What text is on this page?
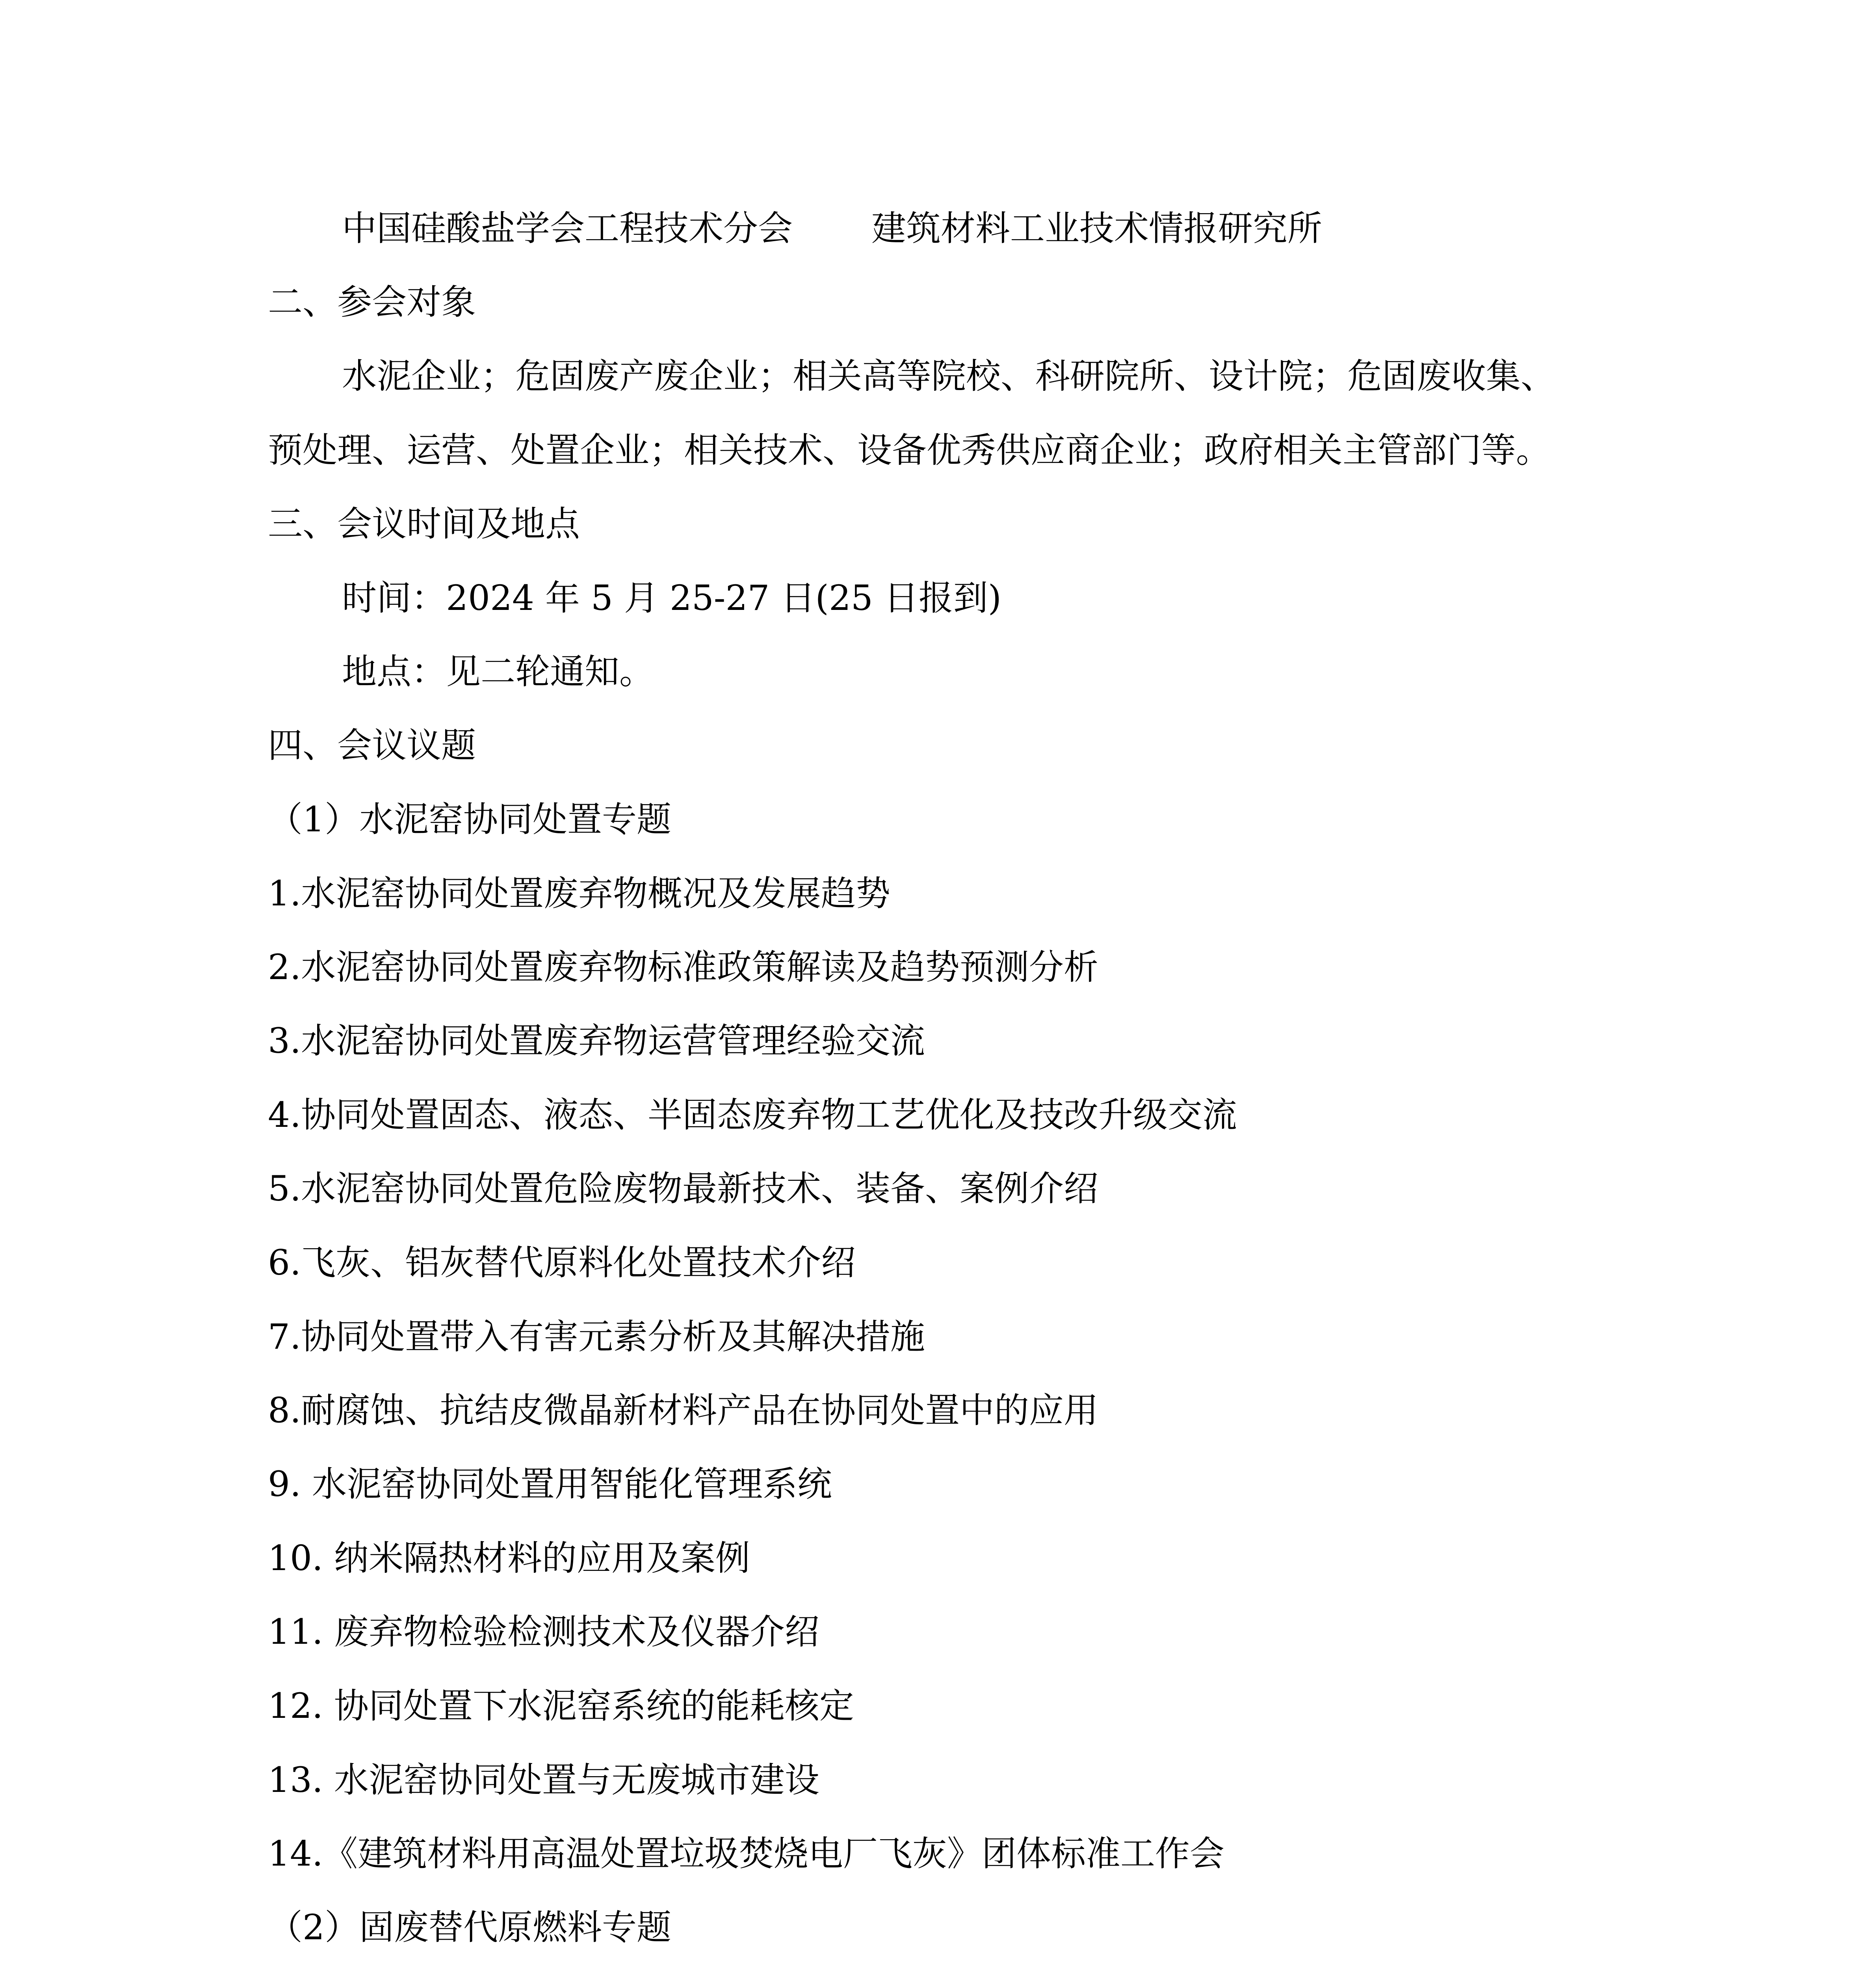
中国硅酸盐学会工程技术分会 建筑材料工业技术情报研究所
二、参会对象
水泥企业；危固废产废企业；相关高等院校、科研院所、设计院；危固废收集、
预处理、运营、处置企业；相关技术、设备优秀供应商企业；政府相关主管部门等。
三、会议时间及地点
时间：2024 年 5 月 25-27 日(25 日报到)
地点：见二轮通知。
四、会议议题
（1）水泥窑协同处置专题
1.水泥窑协同处置废弃物概况及发展趋势
2.水泥窑协同处置废弃物标准政策解读及趋势预测分析
3.水泥窑协同处置废弃物运营管理经验交流
4.协同处置固态、液态、半固态废弃物工艺优化及技改升级交流
5.水泥窑协同处置危险废物最新技术、装备、案例介绍
6.飞灰、铝灰替代原料化处置技术介绍
7.协同处置带入有害元素分析及其解决措施
8.耐腐蚀、抗结皮微晶新材料产品在协同处置中的应用
9. 水泥窑协同处置用智能化管理系统
10. 纳米隔热材料的应用及案例
11. 废弃物检验检测技术及仪器介绍
12. 协同处置下水泥窑系统的能耗核定
13. 水泥窑协同处置与无废城市建设
14.《建筑材料用高温处置垃圾焚烧电厂飞灰》团体标准工作会
（2）固废替代原燃料专题
